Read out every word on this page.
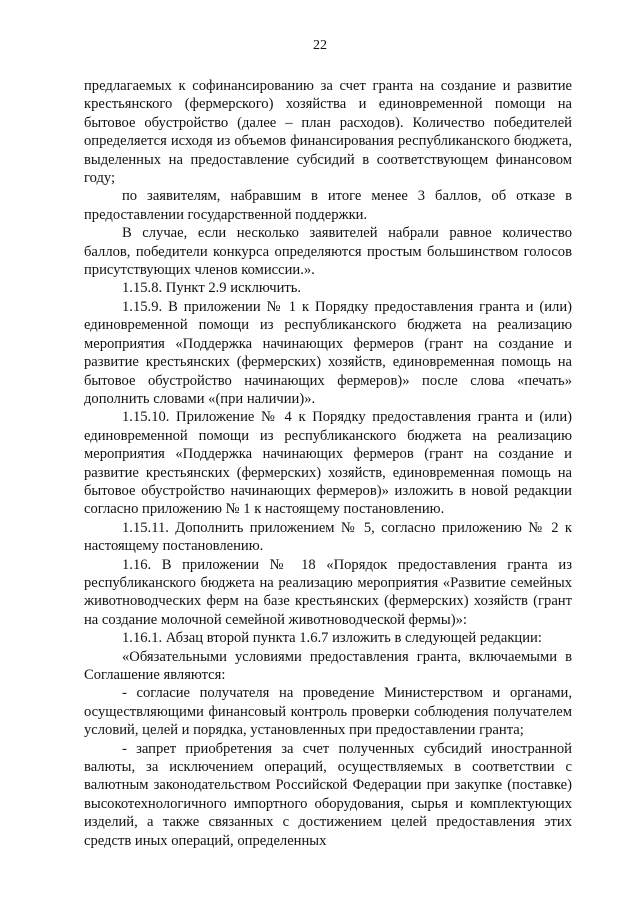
22

предлагаемых к софинансированию за счет гранта на создание и развитие крестьянского (фермерского) хозяйства и единовременной помощи на бытовое обустройство (далее – план расходов). Количество победителей определяется исходя из объемов финансирования республиканского бюджета, выделенных на предоставление субсидий в соответствующем финансовом году;

по заявителям, набравшим в итоге менее 3 баллов, об отказе в предоставлении государственной поддержки.

В случае, если несколько заявителей набрали равное количество баллов, победители конкурса определяются простым большинством голосов присутствующих членов комиссии.».

1.15.8. Пункт 2.9 исключить.

1.15.9. В приложении № 1 к Порядку предоставления гранта и (или) единовременной помощи из республиканского бюджета на реализацию мероприятия «Поддержка начинающих фермеров (грант на создание и развитие крестьянских (фермерских) хозяйств, единовременная помощь на бытовое обустройство начинающих фермеров)» после слова «печать» дополнить словами «(при наличии)».

1.15.10. Приложение № 4 к Порядку предоставления гранта и (или) единовременной помощи из республиканского бюджета на реализацию мероприятия «Поддержка начинающих фермеров (грант на создание и развитие крестьянских (фермерских) хозяйств, единовременная помощь на бытовое обустройство начинающих фермеров)» изложить в новой редакции согласно приложению № 1 к настоящему постановлению.

1.15.11. Дополнить приложением № 5, согласно приложению № 2 к настоящему постановлению.

1.16. В приложении № 18 «Порядок предоставления гранта из республиканского бюджета на реализацию мероприятия «Развитие семейных животноводческих ферм на базе крестьянских (фермерских) хозяйств (грант на создание молочной семейной животноводческой фермы)»:

1.16.1. Абзац второй пункта 1.6.7 изложить в следующей редакции:

«Обязательными условиями предоставления гранта, включаемыми в Соглашение являются:

- согласие получателя на проведение Министерством и органами, осуществляющими финансовый контроль проверки соблюдения получателем условий, целей и порядка, установленных при предоставлении гранта;

- запрет приобретения за счет полученных субсидий иностранной валюты, за исключением операций, осуществляемых в соответствии с валютным законодательством Российской Федерации при закупке (поставке) высокотехнологичного импортного оборудования, сырья и комплектующих изделий, а также связанных с достижением целей предоставления этих средств иных операций, определенных
